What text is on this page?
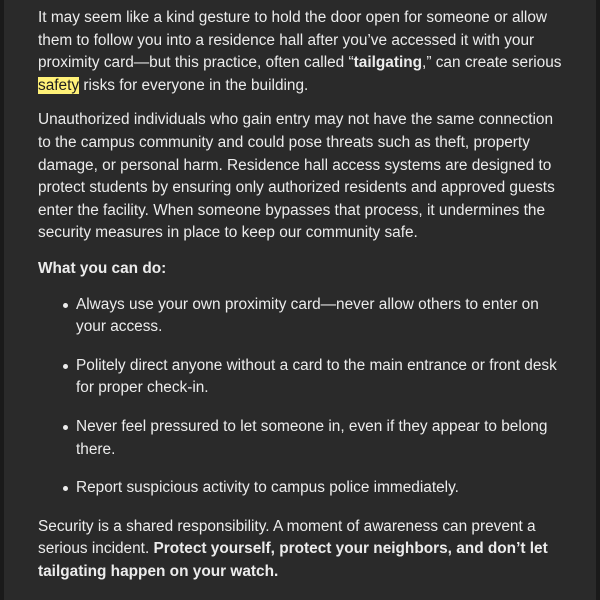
It may seem like a kind gesture to hold the door open for someone or allow them to follow you into a residence hall after you’ve accessed it with your proximity card—but this practice, often called “tailgating,” can create serious safety risks for everyone in the building.

Unauthorized individuals who gain entry may not have the same connection to the campus community and could pose threats such as theft, property damage, or personal harm. Residence hall access systems are designed to protect students by ensuring only authorized residents and approved guests enter the facility. When someone bypasses that process, it undermines the security measures in place to keep our community safe.

What you can do:

Always use your own proximity card—never allow others to enter on your access.
Politely direct anyone without a card to the main entrance or front desk for proper check-in.
Never feel pressured to let someone in, even if they appear to belong there.
Report suspicious activity to campus police immediately.

Security is a shared responsibility. A moment of awareness can prevent a serious incident. Protect yourself, protect your neighbors, and don’t let tailgating happen on your watch.
